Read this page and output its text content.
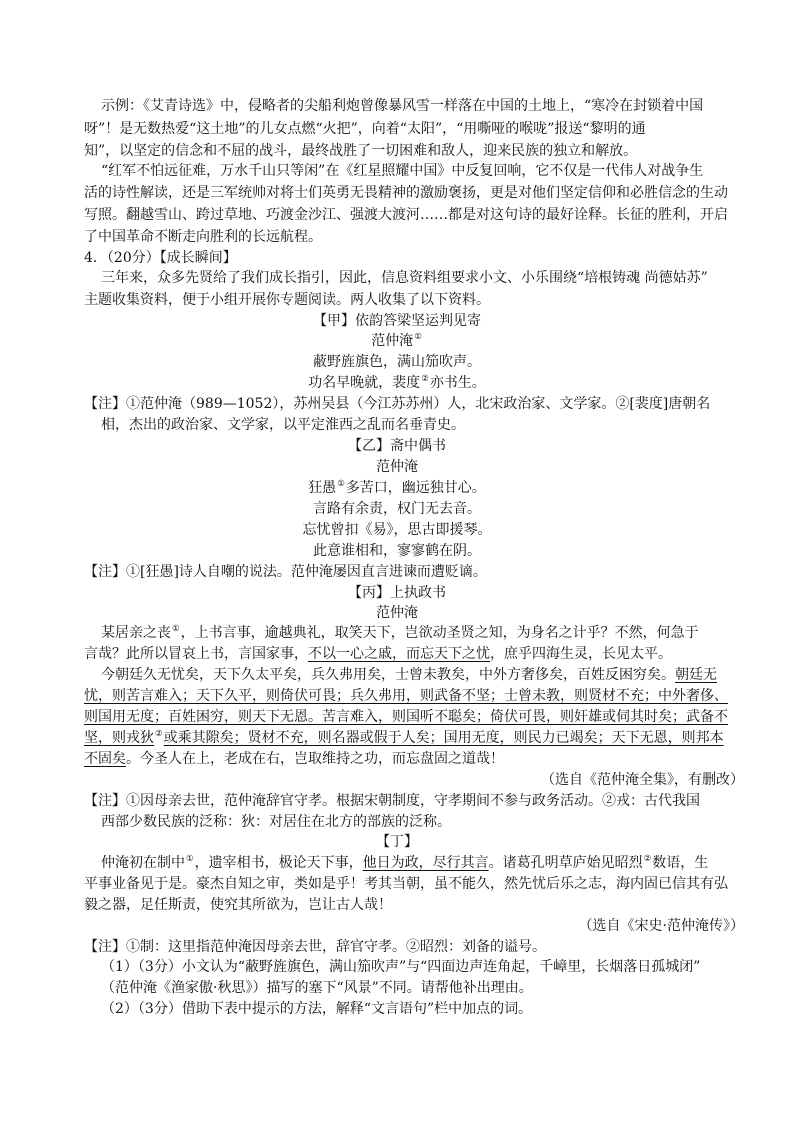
示例：《艾青诗选》中，侵略者的尖船利炮曾像暴风雪一样落在中国的土地上，“寒冷在封锁着中国
呀”！是无数热爱“这土地”的儿女点燃“火把”，向着“太阳”，“用嘶哑的喉咙”报送“黎明的通
知”，以坚定的信念和不屈的战斗，最终战胜了一切困难和敌人，迎来民族的独立和解放。
“红军不怕远征难，万水千山只等闲”在《红星照耀中国》中反复回响，它不仅是一代伟人对战争生
活的诗性解读，还是三军统帅对将士们英勇无畏精神的激励褒扬，更是对他们坚定信仰和必胜信念的生动
写照。翻越雪山、跨过草地、巧渡金沙江、强渡大渡河……都是对这句诗的最好诠释。长征的胜利，开启
了中国革命不断走向胜利的长远航程。
4．（20分）【成长瞬间】
三年来，众多先贤给了我们成长指引，因此，信息资料组要求小文、小乐围绕“培根铸魂 尚德姑苏”
主题收集资料，便于小组开展你专题阅读。两人收集了以下资料。
【甲】依韵答梁坚运判见寄
范仲淹①
蔽野旌旗色，满山笳吹声。
功名早晚就，裴度②亦书生。
【注】①范仲淹（989—1052），苏州吴县（今江苏苏州）人，北宋政治家、文学家。②[裴度]唐朝名
相，杰出的政治家、文学家，以平定淮西之乱而名垂青史。
【乙】斋中偶书
范仲淹
狂愚①多苦口，幽远独甘心。
言路有余责，权门无去音。
忘忧曾扣《易》，思古即援琴。
此意谁相和，寥寥鹤在阴。
【注】①[狂愚]诗人自嘲的说法。范仲淹屡因直言进谏而遭贬谪。
【丙】上执政书
范仲淹
某居亲之丧①，上书言事，逾越典礼，取笑天下，岂欲动圣贤之知，为身名之计乎？不然，何急于
言哉？此所以冒哀上书，言国家事，不以一心之戚，而忘天下之忧，庶乎四海生灵，长见太平。
今朝廷久无忧矣，天下久太平矣，兵久弗用矣，士曾未教矣，中外方奢侈矣，百姓反困穷矣。朝廷无
忧，则苦言难入；天下久平，则倚伏可畏；兵久弗用，则武备不坚；士曾未教，则贤材不充；中外奢侈、
则国用无度；百姓困穷，则天下无恩。苦言难入，则国听不聪矣；倚伏可畏，则奸雄或伺其时矣；武备不
坚，则戎狄②或乘其隙矣；贤材不充，则名器或假于人矣；国用无度，则民力已竭矣；天下无恩，则邦本
不固矣。今圣人在上，老成在右，岂取维持之功，而忘盘固之道哉！
（选自《范仲淹全集》，有删改）
【注】①因母亲去世，范仲淹辞官守孝。根据宋朝制度，守孝期间不参与政务活动。②戎：古代我国
西部少数民族的泛称：狄：对居住在北方的部族的泛称。
【丁】
仲淹初在制中①，遗宰相书，极论天下事，他日为政，尽行其言。诸葛孔明草庐始见昭烈②数语，生
平事业备见于是。豪杰自知之审，类如是乎！考其当朝，虽不能久，然先忧后乐之志，海内固已信其有弘
毅之器，足任斯责，使究其所欲为，岂让古人哉！
（选自《宋史·范仲淹传》）
【注】①制：这里指范仲淹因母亲去世，辞官守孝。②昭烈：刘备的谥号。
（1）（3分）小文认为“蔽野旌旗色，满山笳吹声”与“四面边声连角起，千嶂里，长烟落日孤城闭”
（范仲淹《渔家傲·秋思》）描写的塞下“风景”不同。请帮他补出理由。
（2）（3分）借助下表中提示的方法，解释“文言语句”栏中加点的词。
